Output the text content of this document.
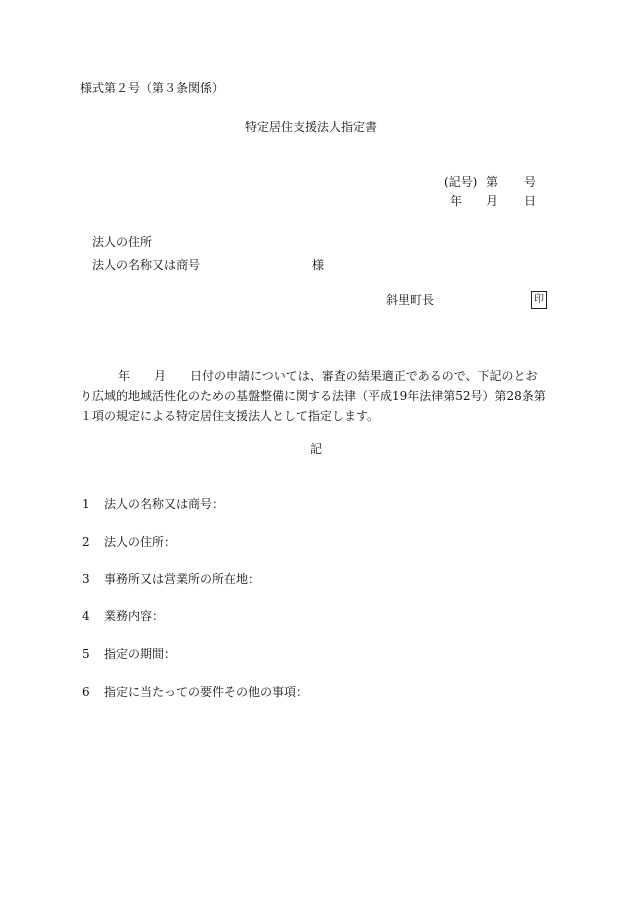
様式第２号（第３条関係）
特定居住支援法人指定書
(記号) 第 号
年 月 日
法人の住所
法人の名称又は商号	様
斜里町長	印
年　　月　　日付の申請については、審査の結果適正であるので、下記のとお
り広域的地域活性化のための基盤整備に関する法律（平成19年法律第52号）第28条第
１項の規定による特定居住支援法人として指定します。
記
1 法人の名称又は商号：
2 法人の住所：
3 事務所又は営業所の所在地：
4 業務内容：
5 指定の期間：
6 指定に当たっての要件その他の事項：
